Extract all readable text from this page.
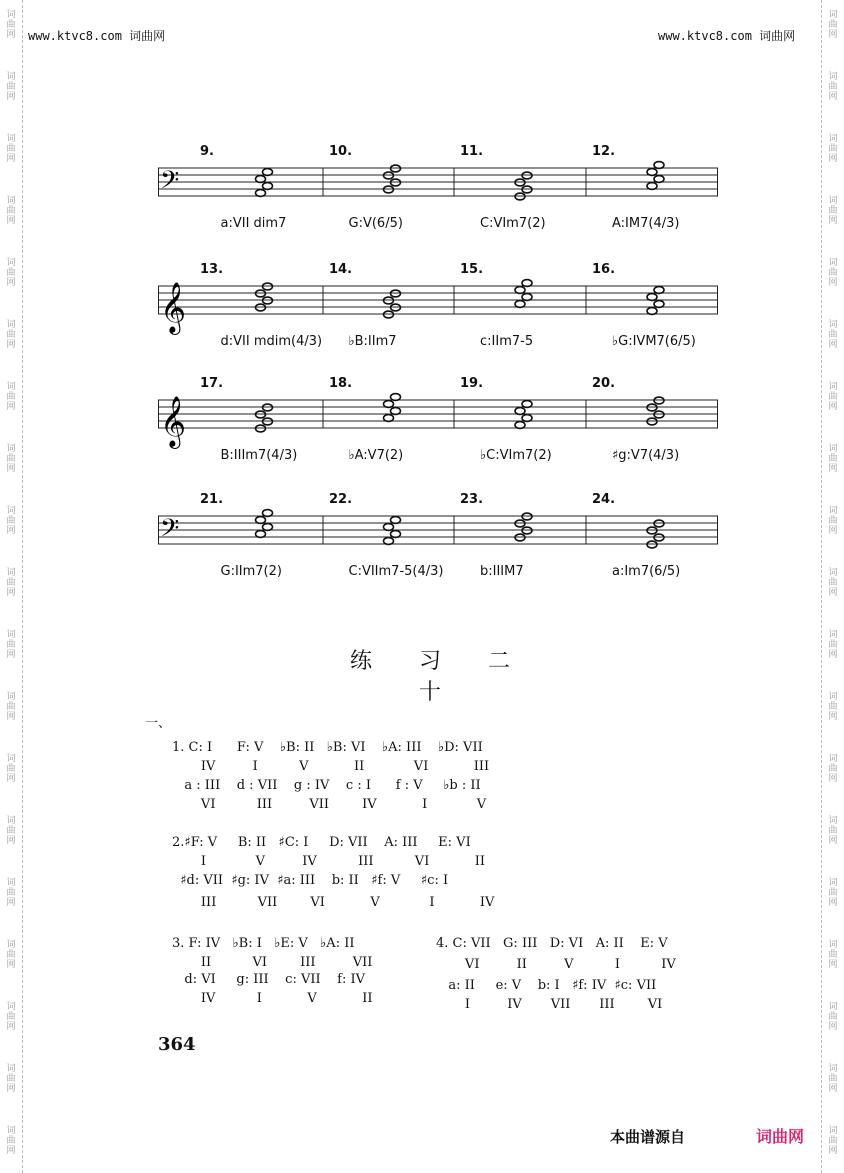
词 曲 网
词 曲 网
词 曲 网
词 曲 网
词 曲 网
词 曲 网
词 曲 网
词 曲 网
词 曲 网
词 曲 网
词 曲 网
词 曲 网
词 曲 网
词 曲 网
词 曲 网
词 曲 网
词 曲 网
词 曲 网
词 曲 网
词 曲 网
词 曲 网
词 曲 网
词 曲 网
词 曲 网
词 曲 网
词 曲 网
词 曲 网
词 曲 网
词 曲 网
词 曲 网
词 曲 网
词 曲 网
词 曲 网
词 曲 网
词 曲 网
词 曲 网
词 曲 网
词 曲 网
www.ktvc8.com 词曲网	www.ktvc8.com 词曲网
𝄢
9.
a:VII dim7
10.
G:V(6/5)
11.
C:VIm7(2)
12.
A:IM7(4/3)
𝄞
13.
d:VII mdim(4/3)
14.
♭B:IIm7
15.
c:IIm7-5
16.
♭G:IVM7(6/5)
𝄞
17.
B:IIIm7(4/3)
18.
♭A:V7(2)
19.
♭C:VIm7(2)
20.
♯g:V7(4/3)
𝄢
21.
G:IIm7(2)
22.
C:VIIm7-5(4/3)
23.
b:IIIM7
24.
a:Im7(6/5)
练 习 二 十
一、
1. C: I      F: V    ♭B: II   ♭B: VI    ♭A: III    ♭D: VII
IV         I          V           II            VI           III
a : III    d : VII    g : IV    c : I      f : V     ♭b : II
VI          III         VII        IV           I            V
2.♯F: V     B: II   ♯C: I     D: VII    A: III     E: VI
I            V         IV          III          VI           II
♯d: VII  ♯g: IV  ♯a: III    b: II   ♯f: V     ♯c: I
III          VII        VI           V            I           IV
3. F: IV   ♭B: I   ♭E: V   ♭A: II
II          VI        III         VII
d: VI     g: III    c: VII    f: IV
IV          I           V           II
4. C: VII   G: III   D: VI   A: II    E: V
VI         II         V          I          IV
a: II     e: V    b: I   ♯f: IV  ♯c: VII
I         IV       VII       III        VI
364
本曲谱源自	词曲网
